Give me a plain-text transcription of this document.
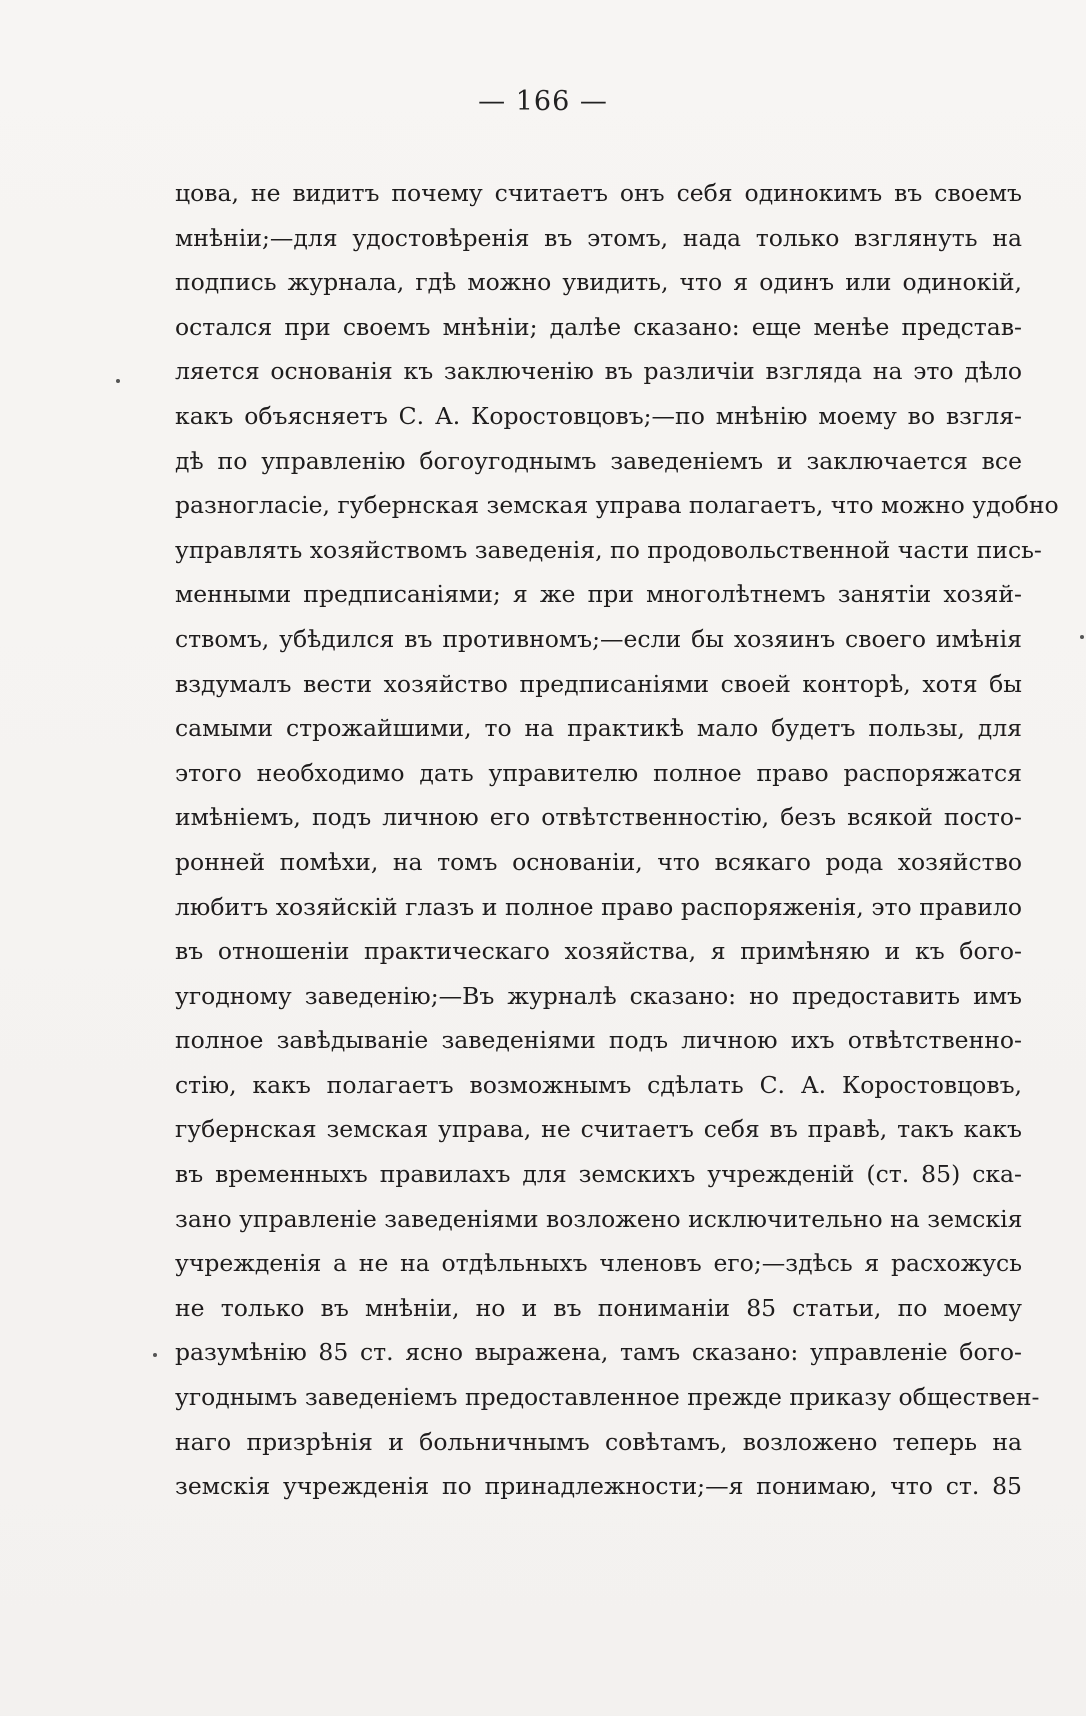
— 166 —
цова, не видитъ почему считаетъ онъ себя одинокимъ въ своемъ
мнѣніи;—для удостовѣренія въ этомъ, нада только взглянуть на
подпись журнала, гдѣ можно увидить, что я одинъ или одинокій,
остался при своемъ мнѣніи; далѣе сказано: еще менѣе представ-
ляется основанія къ заключенію въ различіи взгляда на это дѣло
какъ объясняетъ С. А. Коростовцовъ;—по мнѣнію моему во взгля-
дѣ по управленію богоугоднымъ заведеніемъ и заключается все
разногласіе, губернская земская управа полагаетъ, что можно удобно
управлять хозяйствомъ заведенія, по продовольственной части пись-
менными предписаніями; я же при многолѣтнемъ занятіи хозяй-
ствомъ, убѣдился въ противномъ;—если бы хозяинъ своего имѣнія
вздумалъ вести хозяйство предписаніями своей конторѣ, хотя бы
самыми строжайшими, то на практикѣ мало будетъ пользы, для
этого необходимо дать управителю полное право распоряжатся
имѣніемъ, подъ личною его отвѣтственностію, безъ всякой посто-
ронней помѣхи, на томъ основаніи, что всякаго рода хозяйство
любитъ хозяйскій глазъ и полное право распоряженія, это правило
въ отношеніи практическаго хозяйства, я примѣняю и къ бого-
угодному заведенію;—Въ журналѣ сказано: но предоставить имъ
полное завѣдываніе заведеніями подъ личною ихъ отвѣтственно-
стію, какъ полагаетъ возможнымъ сдѣлать С. А. Коростовцовъ,
губернская земская управа, не считаетъ себя въ правѣ, такъ какъ
въ временныхъ правилахъ для земскихъ учрежденій (ст. 85) ска-
зано управленіе заведеніями возложено исключительно на земскія
учрежденія а не на отдѣльныхъ членовъ его;—здѣсь я расхожусь
не только въ мнѣніи, но и въ пониманіи 85 статьи, по моему
разумѣнію 85 ст. ясно выражена, тамъ сказано: управленіе бого-
угоднымъ заведеніемъ предоставленное прежде приказу обществен-
наго призрѣнія и больничнымъ совѣтамъ, возложено теперь на
земскія учрежденія по принадлежности;—я понимаю, что ст. 85
